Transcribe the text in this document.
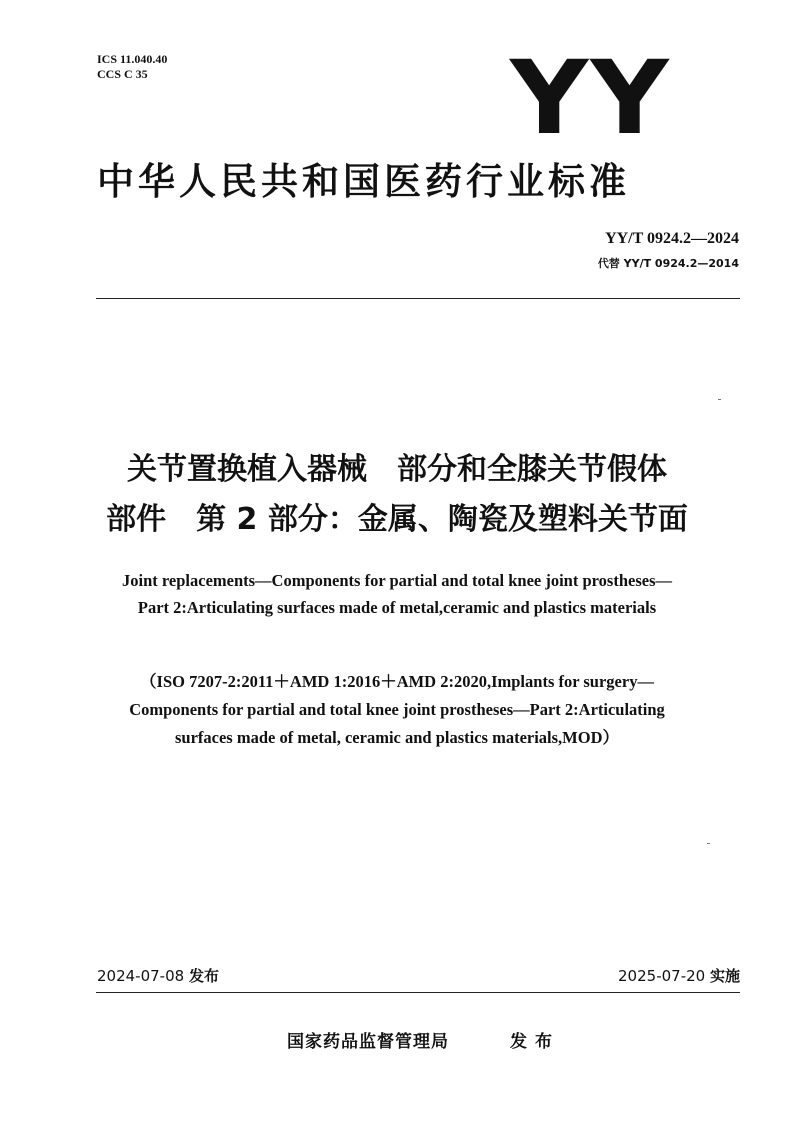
ICS 11.040.40
CCS C 35	YY
中华人民共和国医药行业标准
YY/T 0924.2—2024
代替 YY/T 0924.2—2014
关节置换植入器械　部分和全膝关节假体
部件　第 2 部分：金属、陶瓷及塑料关节面
Joint replacements—Components for partial and total knee joint prostheses—
Part 2:Articulating surfaces made of metal,ceramic and plastics materials
（ISO 7207-2:2011＋AMD 1:2016＋AMD 2:2020,Implants for surgery—
Components for partial and total knee joint prostheses—Part 2:Articulating
surfaces made of metal, ceramic and plastics materials,MOD）
2024-07-08 发布	2025-07-20 实施
国家药品监督管理局	发布
